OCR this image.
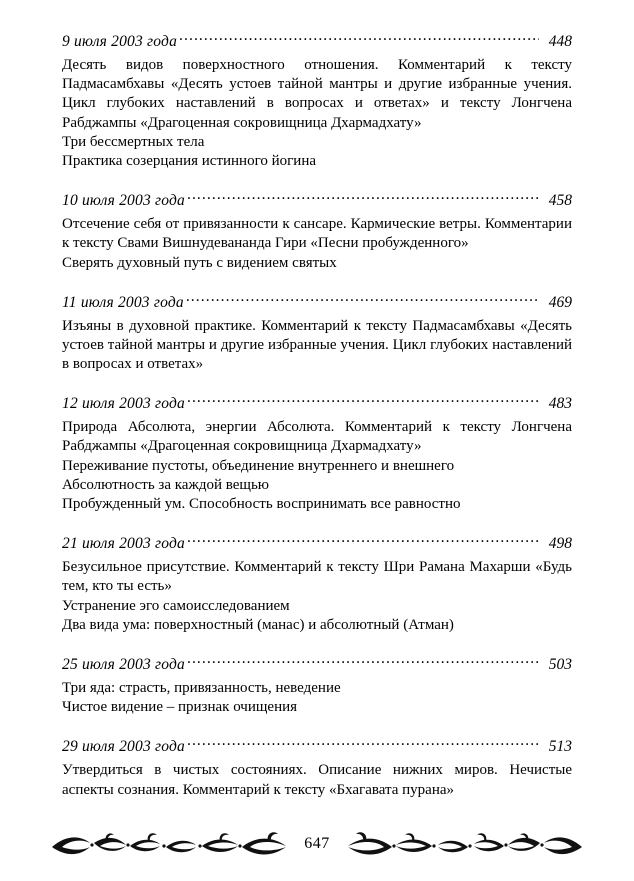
9 июля 2003 года .....	448

Десять видов поверхностного отношения. Комментарий к тексту Падмасамбхавы «Десять устоев тайной мантры и другие избранные учения. Цикл глубоких наставлений в вопросах и ответах» и тексту Лонгчена Рабджампы «Драгоценная сокровищница Дхармадхату»

Три бессмертных тела

Практика созерцания истинного йогина

10 июля 2003 года .....	458

Отсечение себя от привязанности к сансаре. Кармические ветры. Комментарии к тексту Свами Вишнудевананда Гири «Песни пробужденного»

Сверять духовный путь с видением святых

11 июля 2003 года .....	469

Изъяны в духовной практике. Комментарий к тексту Падмасамбхавы «Десять устоев тайной мантры и другие избранные учения. Цикл глубоких наставлений в вопросах и ответах»

12 июля 2003 года .....	483

Природа Абсолюта, энергии Абсолюта. Комментарий к тексту Лонгчена Рабджампы «Драгоценная сокровищница Дхармадхату»

Переживание пустоты, объединение внутреннего и внешнего

Абсолютность за каждой вещью

Пробужденный ум. Способность воспринимать все равностно

21 июля 2003 года .....	498

Безусильное присутствие. Комментарий к тексту Шри Рамана Махарши «Будь тем, кто ты есть»

Устранение эго самоисследованием

Два вида ума: поверхностный (манас) и абсолютный (Атман)

25 июля 2003 года .....	503

Три яда: страсть, привязанность, неведение

Чистое видение – признак очищения

29 июля 2003 года .....	513

Утвердиться в чистых состояниях. Описание нижних миров. Нечистые аспекты сознания. Комментарий к тексту «Бхагавата пурана»

647
